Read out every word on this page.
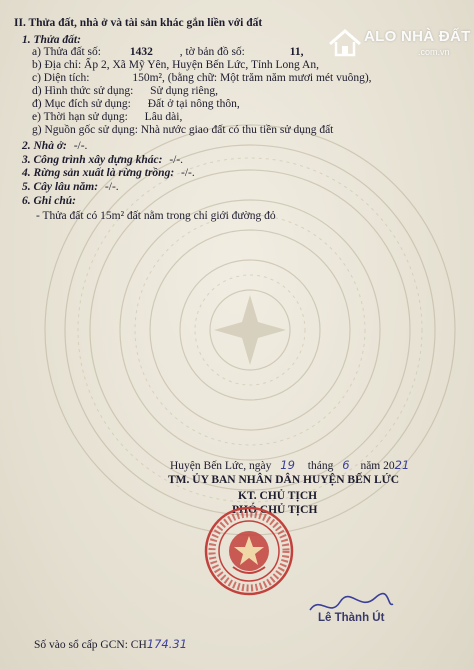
ALO NHÀ ĐẤT
.com.vn
II. Thửa đất, nhà ở và tài sản khác gắn liền với đất
1. Thửa đất:
a) Thửa đất số:	1432 , tờ bản đồ số:	11,
b) Địa chỉ: Ấp 2, Xã Mỹ Yên, Huyện Bến Lức, Tỉnh Long An,
c) Diện tích:	150m², (bằng chữ: Một trăm năm mươi mét vuông),
d) Hình thức sử dụng: Sử dụng riêng,
đ) Mục đích sử dụng: Đất ở tại nông thôn,
e) Thời hạn sử dụng: Lâu dài,
g) Nguồn gốc sử dụng: Nhà nước giao đất có thu tiền sử dụng đất
2. Nhà ở: -/-.
3. Công trình xây dựng khác: -/-.
4. Rừng sản xuất là rừng trồng: -/-.
5. Cây lâu năm: -/-.
6. Ghi chú:
- Thửa đất có 15m² đất nằm trong chỉ giới đường đỏ
Huyện Bến Lức, ngày 19 tháng 6 năm 2021
TM. ỦY BAN NHÂN DÂN HUYỆN BẾN LỨC
KT. CHỦ TỊCH
PHÓ CHỦ TỊCH
Lê Thành Út
Số vào sổ cấp GCN: CH174.31
